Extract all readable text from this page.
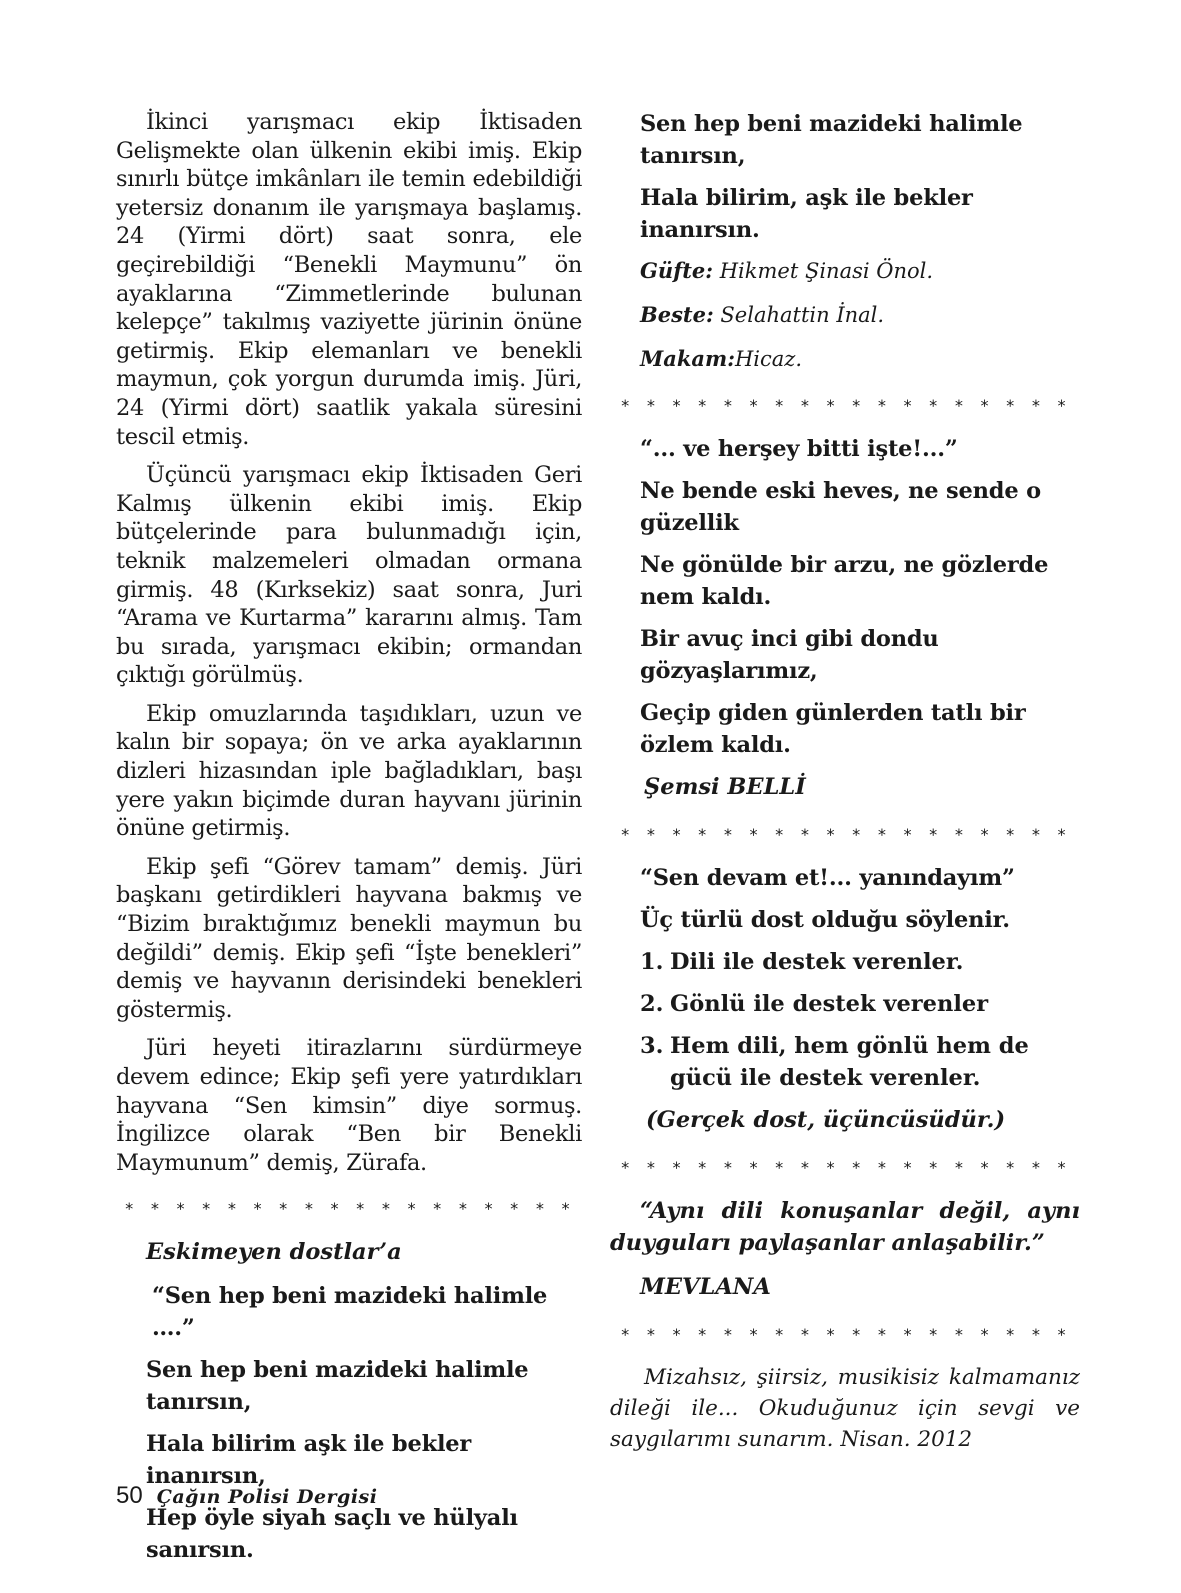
İkinci yarışmacı ekip İktisaden Gelişmekte olan ülkenin ekibi imiş. Ekip sınırlı bütçe imkânları ile temin edebildiği yetersiz donanım ile yarışmaya başlamış. 24 (Yirmi dört) saat sonra, ele geçirebildiği “Benekli Maymunu” ön ayaklarına “Zimmetlerinde bulunan kelepçe” takılmış vaziyette jürinin önüne getirmiş. Ekip elemanları ve benekli maymun, çok yorgun durumda imiş. Jüri, 24 (Yirmi dört) saatlik yakala süresini tescil etmiş.

Üçüncü yarışmacı ekip İktisaden Geri Kalmış ülkenin ekibi imiş. Ekip bütçelerinde para bulunmadığı için, teknik malzemeleri olmadan ormana girmiş. 48 (Kırksekiz) saat sonra, Juri “Arama ve Kurtarma” kararını almış. Tam bu sırada, yarışmacı ekibin; ormandan çıktığı görülmüş.

Ekip omuzlarında taşıdıkları, uzun ve kalın bir sopaya; ön ve arka ayaklarının dizleri hizasından iple bağladıkları, başı yere yakın biçimde duran hayvanı jürinin önüne getirmiş.

Ekip şefi “Görev tamam” demiş. Jüri başkanı getirdikleri hayvana bakmış ve “Bizim bıraktığımız benekli maymun bu değildi” demiş. Ekip şefi “İşte benekleri” demiş ve hayvanın derisindeki benekleri göstermiş.

Jüri heyeti itirazlarını sürdürmeye devem edince; Ekip şefi yere yatırdıkları hayvana “Sen kimsin” diye sormuş. İngilizce olarak “Ben bir Benekli Maymunum” demiş, Zürafa.

* * * * * * * * * * * * * * * * * *
Eskimeyen dostlar’a
“Sen hep beni mazideki halimle ….”
Sen hep beni mazideki halimle tanırsın,
Hala bilirim aşk ile bekler inanırsın,
Hep öyle siyah saçlı ve hülyalı sanırsın.
Sen hep beni mazideki halimle tanırsın,
Hala bilirim, aşk ile bekler inanırsın.
Güfte: Hikmet Şinasi Önol.
Beste: Selahattin İnal.
Makam:Hicaz.
* * * * * * * * * * * * * * * * * *
“... ve herşey bitti işte!...”
Ne bende eski heves, ne sende o güzellik
Ne gönülde bir arzu, ne gözlerde nem kaldı.
Bir avuç inci gibi dondu gözyaşlarımız,
Geçip giden günlerden tatlı bir özlem kaldı.
Şemsi BELLİ
* * * * * * * * * * * * * * * * * *
“Sen devam et!... yanındayım”
Üç türlü dost olduğu söylenir.
1. Dili ile destek verenler.
2. Gönlü ile destek verenler
3. Hem dili, hem gönlü hem de gücü ile destek verenler.
(Gerçek dost, üçüncüsüdür.)
* * * * * * * * * * * * * * * * * *
“Aynı dili konuşanlar değil, aynı duyguları paylaşanlar anlaşabilir.”
MEVLANA
* * * * * * * * * * * * * * * * * *

Mizahsız, şiirsiz, musikisiz kalmamanız dileği ile... Okuduğunuz için sevgi ve saygılarımı sunarım. Nisan. 2012

50 Çağın Polisi Dergisi
